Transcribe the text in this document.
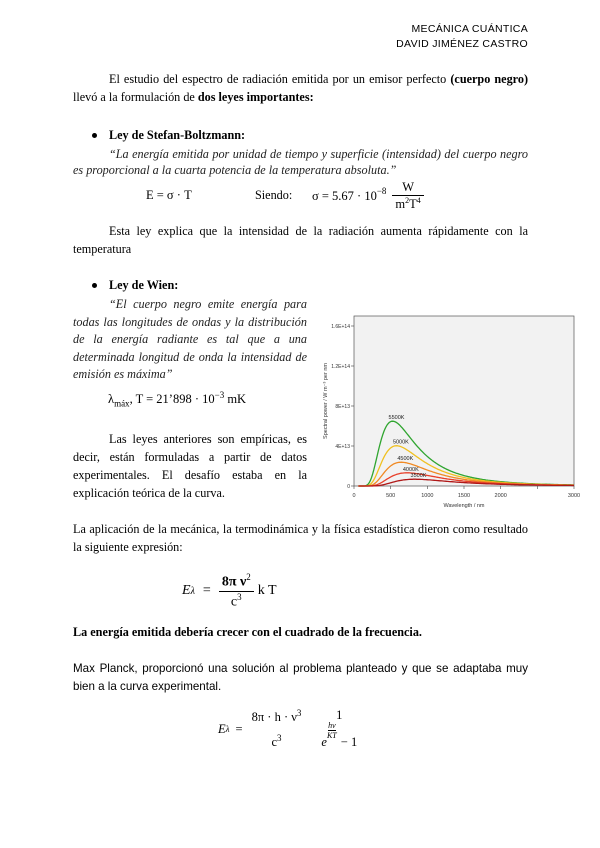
MECÁNICA CUÁNTICA
DAVID JIMÉNEZ CASTRO
El estudio del espectro de radiación emitida por un emisor perfecto (cuerpo negro) llevó a la formulación de dos leyes importantes:
Ley de Stefan-Boltzmann:
“La energía emitida por unidad de tiempo y superficie (intensidad) del cuerpo negro es proporcional a la cuarta potencia de la temperatura absoluta.”
E = σ · T	Siendo: $\sigma = 5.67 \cdot 10^{-8} \frac{W}{m^2T^4}$
Esta ley explica que la intensidad de la radiación aumenta rápidamente con la temperatura
Ley de Wien:
“El cuerpo negro emite energía para todas las longitudes de ondas y la distribución de la energía radiante es tal que a una determinada longitud de onda la intensidad de emisión es máxima”
$\lambda_{máx}$, T = 21’898 · $10^{-3}$ mK
Las leyes anteriores son empíricas, es decir, están formuladas a partir de datos experimentales. El desafío estaba en la explicación teórica de la curva.	0	500	1000	1500	2000	3000
0
4E+13
8E+13
1.2E+14
1.6E+14
Wavelength / nm
Spectral power / W m⁻³ per nm	5500K
5000K
4500K
4000K
3500K
La aplicación de la mecánica, la termodinámica y la física estadística dieron como resultado la siguiente expresión:
E $\lambda = \frac{8\pi \nu^2}{c^3}$ k T
La energía emitida debería crecer con el cuadrado de la frecuencia.
Max Planck, proporcionó una solución al problema planteado y que se adaptaba muy bien a la curva experimental.
E λ =
$8\pi \cdot h \cdot \nu^3$
$c^3$
1
e
hν
KT − 1
